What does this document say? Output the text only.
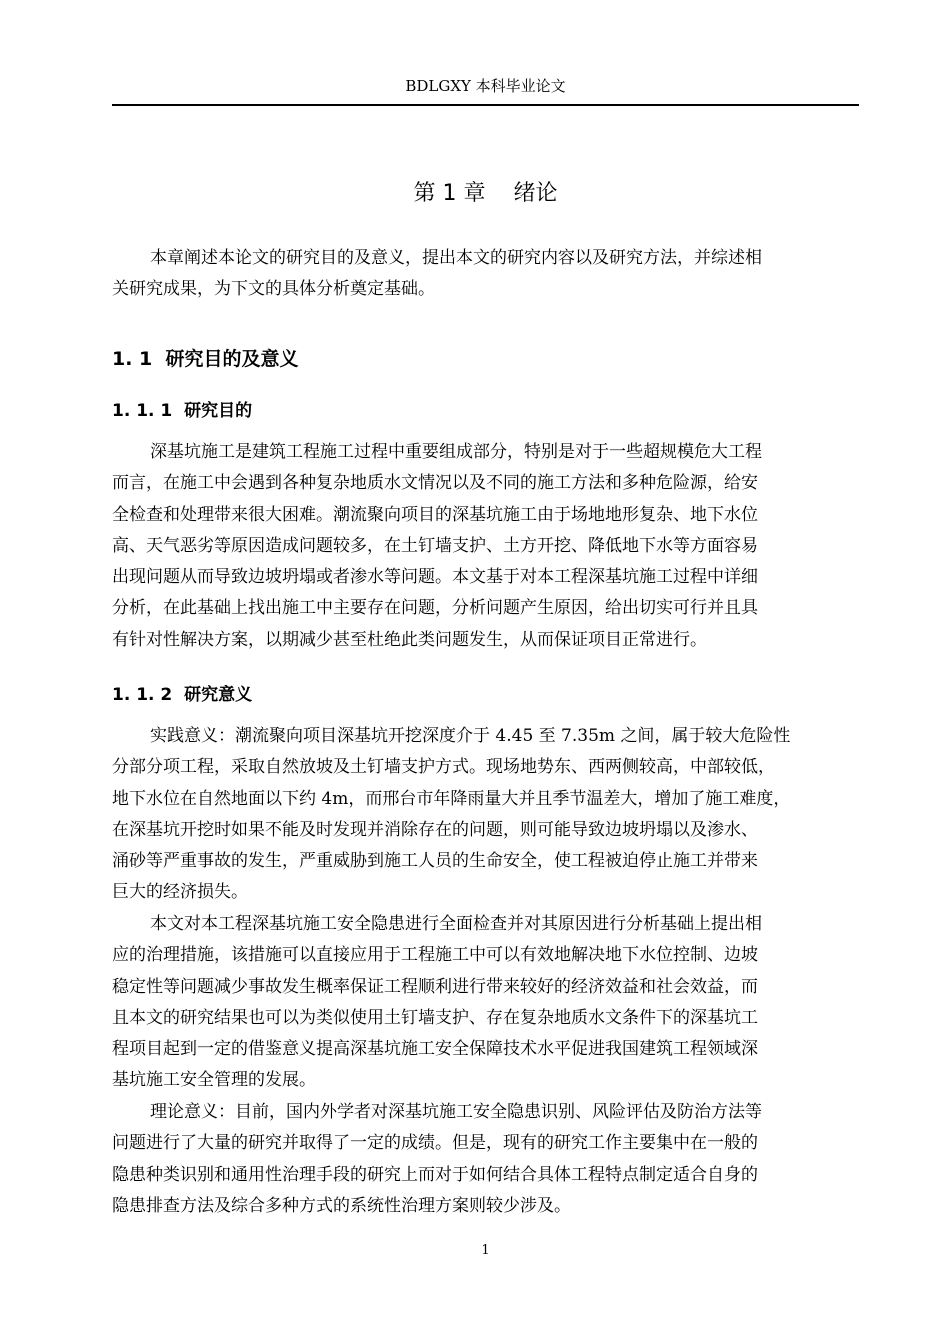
BDLGXY 本科毕业论文
第 1 章    绪论
本章阐述本论文的研究目的及意义，提出本文的研究内容以及研究方法，并综述相
关研究成果，为下文的具体分析奠定基础。
1. 1  研究目的及意义
1. 1. 1  研究目的
深基坑施工是建筑工程施工过程中重要组成部分，特别是对于一些超规模危大工程
而言，在施工中会遇到各种复杂地质水文情况以及不同的施工方法和多种危险源，给安
全检查和处理带来很大困难。潮流聚向项目的深基坑施工由于场地地形复杂、地下水位
高、天气恶劣等原因造成问题较多，在土钉墙支护、土方开挖、降低地下水等方面容易
出现问题从而导致边坡坍塌或者渗水等问题。本文基于对本工程深基坑施工过程中详细
分析，在此基础上找出施工中主要存在问题，分析问题产生原因，给出切实可行并且具
有针对性解决方案，以期减少甚至杜绝此类问题发生，从而保证项目正常进行。
1. 1. 2  研究意义
实践意义：潮流聚向项目深基坑开挖深度介于 4.45 至 7.35m 之间，属于较大危险性
分部分项工程，采取自然放坡及土钉墙支护方式。现场地势东、西两侧较高，中部较低，
地下水位在自然地面以下约 4m，而邢台市年降雨量大并且季节温差大，增加了施工难度，
在深基坑开挖时如果不能及时发现并消除存在的问题，则可能导致边坡坍塌以及渗水、
涌砂等严重事故的发生，严重威胁到施工人员的生命安全，使工程被迫停止施工并带来
巨大的经济损失。
本文对本工程深基坑施工安全隐患进行全面检查并对其原因进行分析基础上提出相
应的治理措施，该措施可以直接应用于工程施工中可以有效地解决地下水位控制、边坡
稳定性等问题减少事故发生概率保证工程顺利进行带来较好的经济效益和社会效益，而
且本文的研究结果也可以为类似使用土钉墙支护、存在复杂地质水文条件下的深基坑工
程项目起到一定的借鉴意义提高深基坑施工安全保障技术水平促进我国建筑工程领域深
基坑施工安全管理的发展。
理论意义：目前，国内外学者对深基坑施工安全隐患识别、风险评估及防治方法等
问题进行了大量的研究并取得了一定的成绩。但是，现有的研究工作主要集中在一般的
隐患种类识别和通用性治理手段的研究上而对于如何结合具体工程特点制定适合自身的
隐患排查方法及综合多种方式的系统性治理方案则较少涉及。
1
